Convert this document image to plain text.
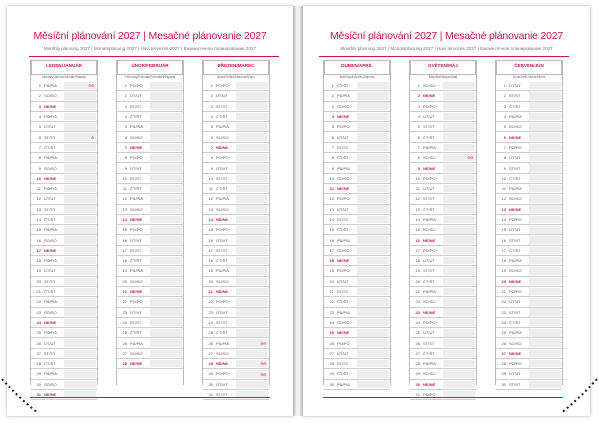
Měsíční plánování 2027 | Mesačné plánovanie 2027
Monthly planning 2027 | Monatsplanung 2027 | Havi tervezés 2027 | Ежемесячное планирование 2027
LEDEN/JANUÁR
January/Januar/Január/Январь
1 PÁ/PIA	⊖⊖
2 SO/SO
3 NE/NE
4 PO/PO
5 ÚT/UT
6 ST/ST	⊖
7 ČT/ŠT
8 PÁ/PIA
9 SO/SO
10 NE/NE
11 PO/PO
12 ÚT/UT
13 ST/ST
14 ČT/ŠT
15 PÁ/PIA
16 SO/SO
17 NE/NE
18 PO/PO
19 ÚT/UT
20 ST/ST
21 ČT/ŠT
22 PÁ/PIA
23 SO/SO
24 NE/NE
25 PO/PO
26 ÚT/UT
27 ST/ST
28 ČT/ŠT
29 PÁ/PIA
30 SO/SO
31 NE/NE
ÚNOR/FEBRUÁR
February/Februar/Február/Февраль
1 PO/PO
2 ÚT/UT
3 ST/ST
4 ČT/ŠT
5 PÁ/PIA
6 SO/SO
7 NE/NE
8 PO/PO
9 ÚT/UT
10 ST/ST
11 ČT/ŠT
12 PÁ/PIA
13 SO/SO
14 NE/NE
15 PO/PO
16 ÚT/UT
17 ST/ST
18 ČT/ŠT
19 PÁ/PIA
20 SO/SO
21 NE/NE
22 PO/PO
23 ÚT/UT
24 ST/ST
25 ČT/ŠT
26 PÁ/PIA
27 SO/SO
28 NE/NE
BŘEZEN/MAREC
March/März/Március/Март
1 PO/PO
2 ÚT/UT
3 ST/ST
4 ČT/ŠT
5 PÁ/PIA
6 SO/SO
7 NE/NE
8 PO/PO
9 ÚT/UT
10 ST/ST
11 ČT/ŠT
12 PÁ/PIA
13 SO/SO
14 NE/NE
15 PO/PO
16 ÚT/UT
17 ST/ST
18 ČT/ŠT
19 PÁ/PIA
20 SO/SO
21 NE/NE
22 PO/PO
23 ÚT/UT
24 ST/ST
25 ČT/ŠT
26 PÁ/PIA	⊖⊖
27 SO/SO
28 NE/NE	⊖⊖
29 PO/PO	⊖⊖
30 ÚT/UT
31 ST/ST
Měsíční plánování 2027 | Mesačné plánovanie 2027
Monthly planning 2027 | Monatsplanung 2027 | Havi tervezés 2027 | Ежемесячное планирование 2027
DUBEN/APRÍL
April/April/Április/Апрель
1 ČT/ŠT
2 PÁ/PIA
3 SO/SO
4 NE/NE
5 PO/PO
6 ÚT/UT
7 ST/ST
8 ČT/ŠT
9 PÁ/PIA
10 SO/SO
11 NE/NE
12 PO/PO
13 ÚT/UT
14 ST/ST
15 ČT/ŠT
16 PÁ/PIA
17 SO/SO
18 NE/NE
19 PO/PO
20 ÚT/UT
21 ST/ST
22 ČT/ŠT
23 PÁ/PIA
24 SO/SO
25 NE/NE
26 PO/PO
27 ÚT/UT
28 ST/ST
29 ČT/ŠT
30 PÁ/PIA
KVĚTEN/MÁJ
May/Mai/Május/Май
1 SO/SO
2 NE/NE
3 PO/PO
4 ÚT/UT
5 ST/ST
6 ČT/ŠT
7 PÁ/PIA
8 SO/SO	⊖⊖
9 NE/NE
10 PO/PO
11 ÚT/UT
12 ST/ST
13 ČT/ŠT
14 PÁ/PIA
15 SO/SO
16 NE/NE
17 PO/PO
18 ÚT/UT
19 ST/ST
20 ČT/ŠT
21 PÁ/PIA
22 SO/SO
23 NE/NE
24 PO/PO
25 ÚT/UT
26 ST/ST
27 ČT/ŠT
28 PÁ/PIA
29 SO/SO
30 NE/NE
31 PO/PO
ČERVEN/JÚN
June/Juni/Június/Июнь
1 ÚT/UT
2 ST/ST
3 ČT/ŠT
4 PÁ/PIA
5 SO/SO
6 NE/NE
7 PO/PO
8 ÚT/UT
9 ST/ST
10 ČT/ŠT
11 PÁ/PIA
12 SO/SO
13 NE/NE
14 PO/PO
15 ÚT/UT
16 ST/ST
17 ČT/ŠT
18 PÁ/PIA
19 SO/SO
20 NE/NE
21 PO/PO
22 ÚT/UT
23 ST/ST
24 ČT/ŠT
25 PÁ/PIA
26 SO/SO
27 NE/NE
28 PO/PO
29 ÚT/UT
30 ST/ST
